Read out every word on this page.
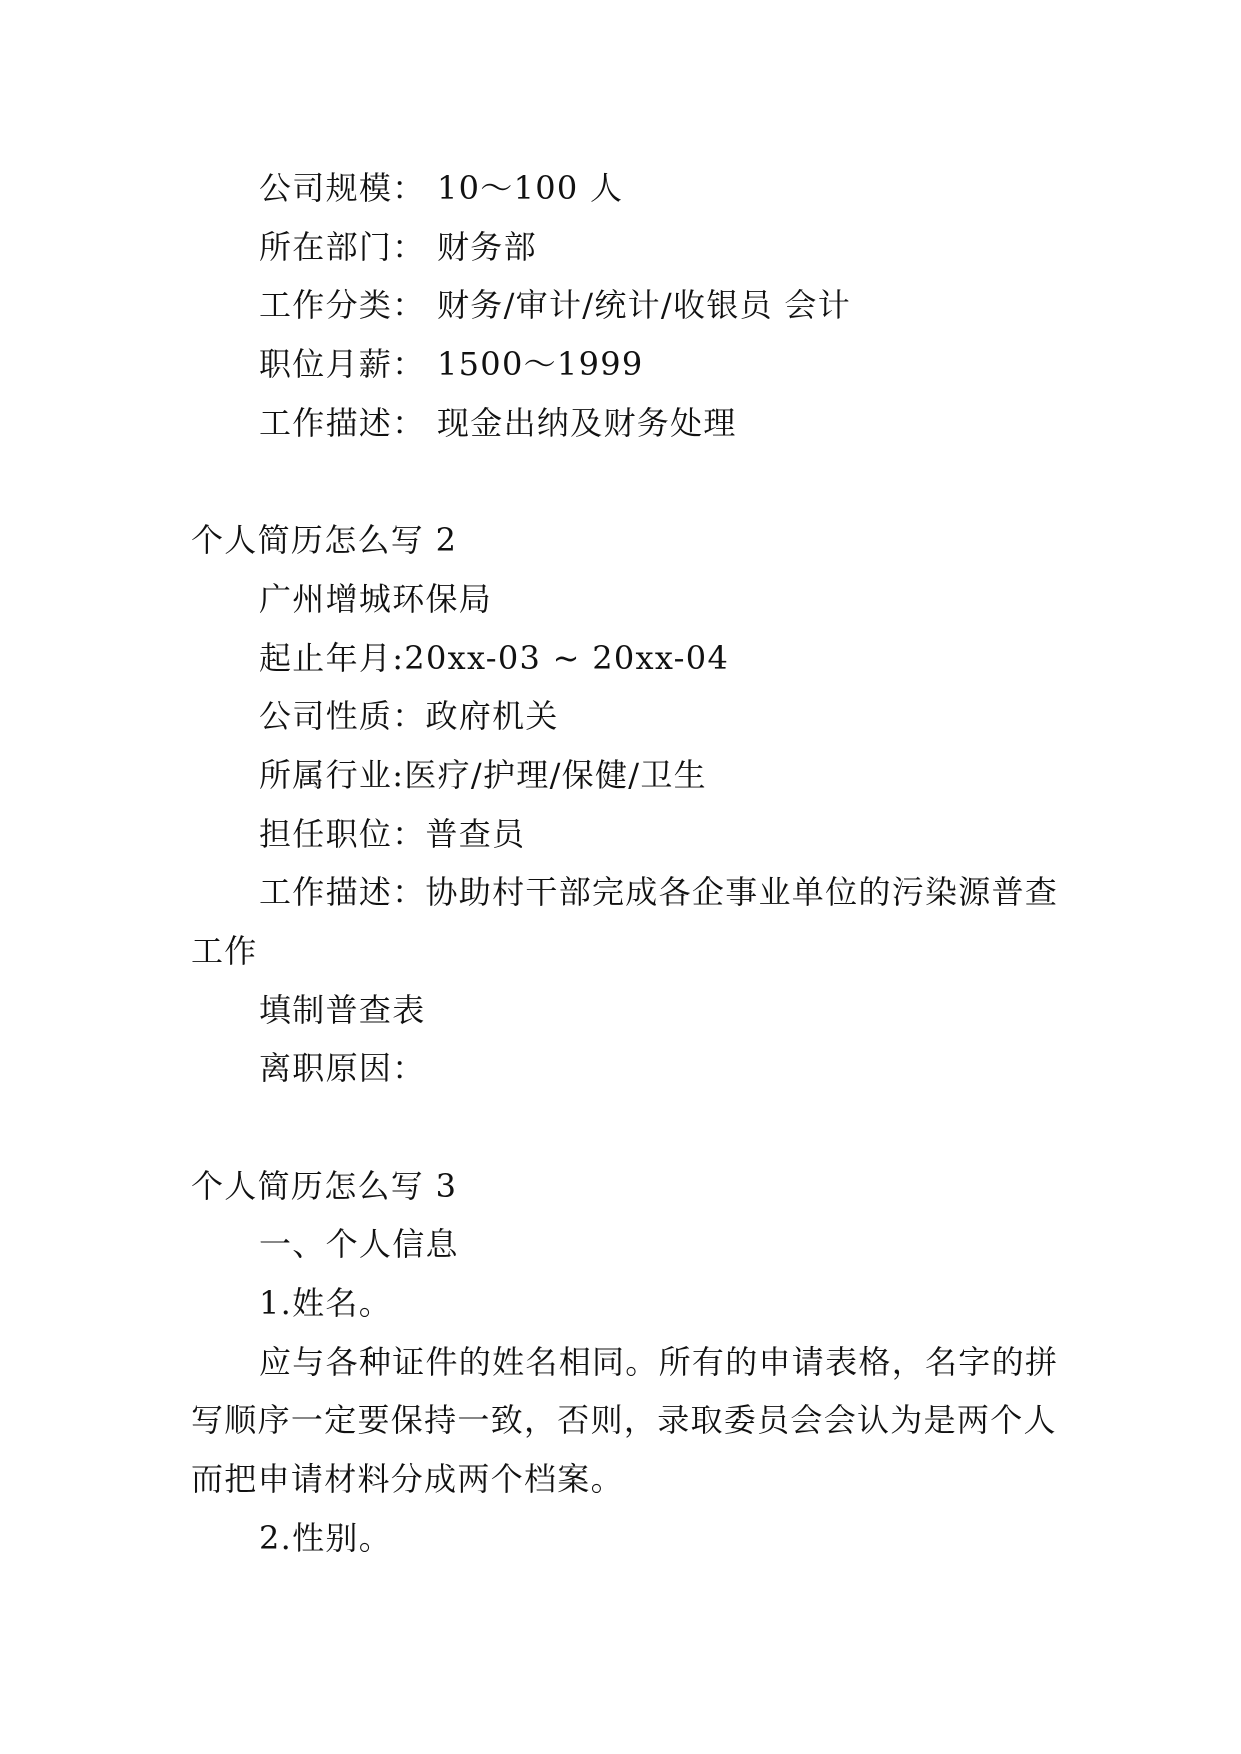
公司规模： 10～100 人
所在部门： 财务部
工作分类： 财务/审计/统计/收银员 会计
职位月薪： 1500～1999
工作描述： 现金出纳及财务处理
个人简历怎么写 2
广州增城环保局
起止年月:20xx-03 ~ 20xx-04
公司性质：政府机关
所属行业:医疗/护理/保健/卫生
担任职位：普查员
工作描述：协助村干部完成各企事业单位的污染源普查
工作
填制普查表
离职原因：
个人简历怎么写 3
一、个人信息
1.姓名。
应与各种证件的姓名相同。所有的申请表格，名字的拼
写顺序一定要保持一致，否则，录取委员会会认为是两个人
而把申请材料分成两个档案。
2.性别。
